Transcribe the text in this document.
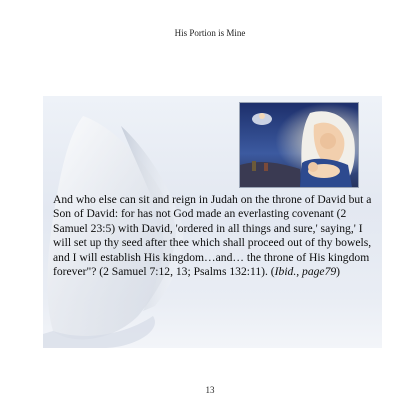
His Portion is Mine

And who else can sit and reign in Judah on the throne of David but a Son of David: for has not God made an everlasting covenant (2 Samuel 23:5) with David, 'ordered in all things and sure,' saying,' I will set up thy seed after thee which shall proceed out of thy bowels, and I will establish His kingdom…and… the throne of His kingdom forever"? (2 Samuel 7:12, 13; Psalms 132:11). (Ibid., page79)

13
